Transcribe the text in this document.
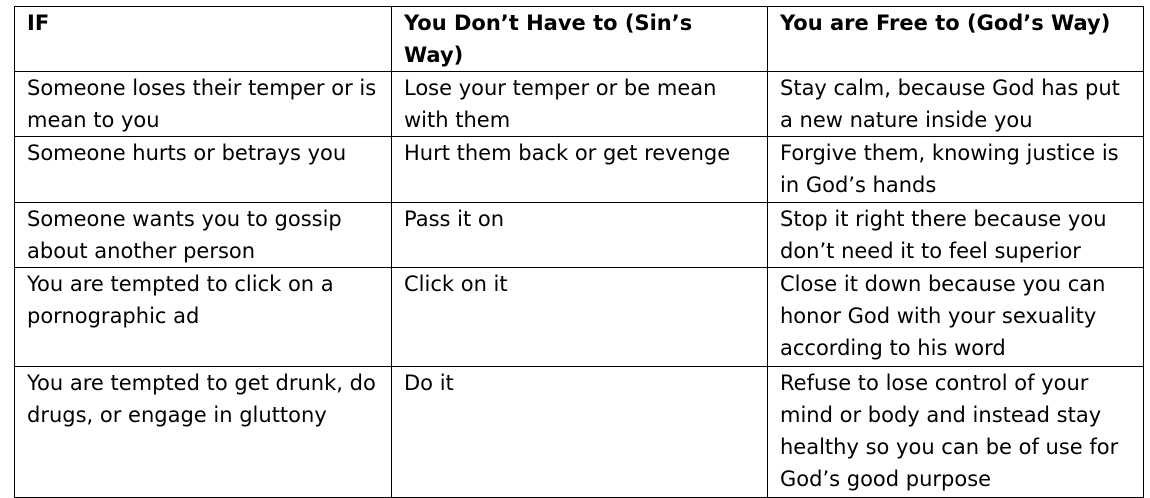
IF	You Don’t Have to (Sin’s Way)	You are Free to (God’s Way)
Someone loses their temper or is mean to you	Lose your temper or be mean with them	Stay calm, because God has put a new nature inside you
Someone hurts or betrays you	Hurt them back or get revenge	Forgive them, knowing justice is in God’s hands
Someone wants you to gossip about another person	Pass it on	Stop it right there because you don’t need it to feel superior
You are tempted to click on a pornographic ad	Click on it	Close it down because you can honor God with your sexuality according to his word
You are tempted to get drunk, do drugs, or engage in gluttony	Do it	Refuse to lose control of your mind or body and instead stay healthy so you can be of use for God’s good purpose
